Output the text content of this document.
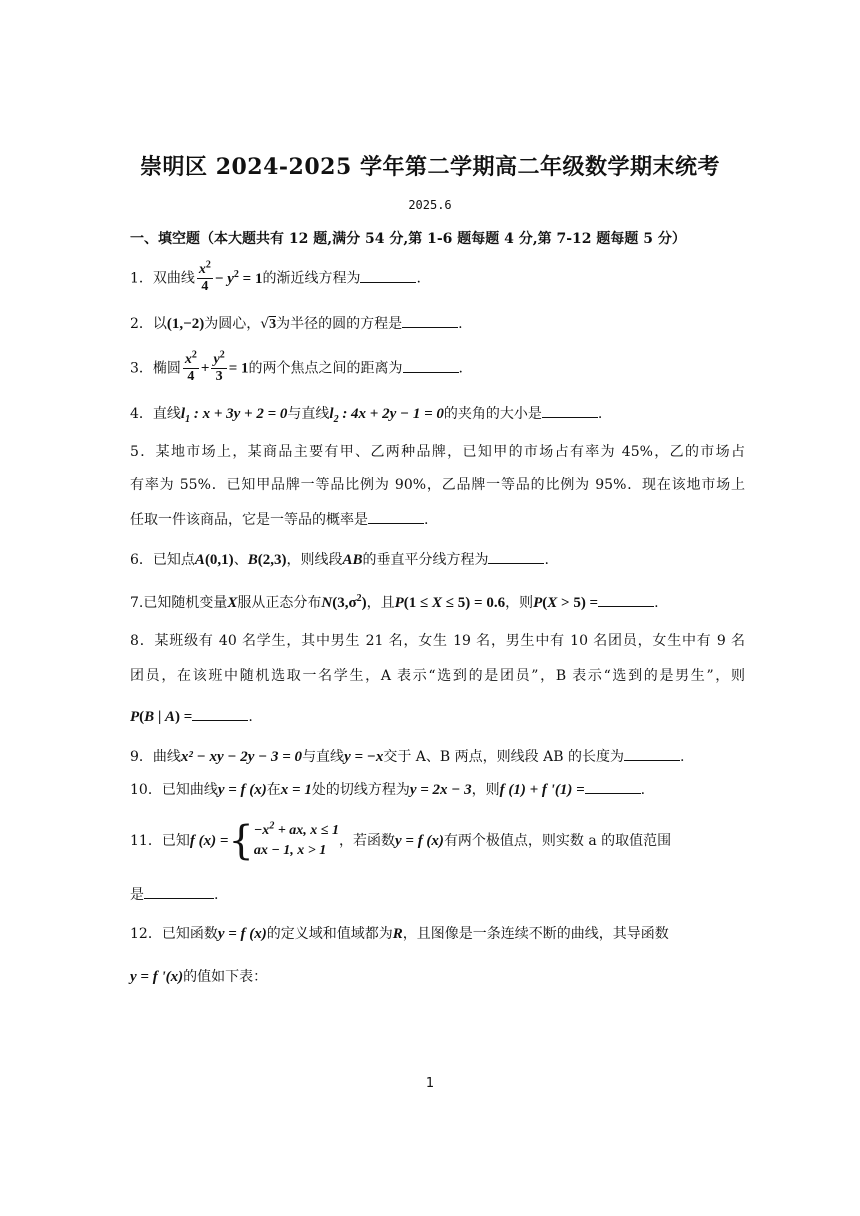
崇明区 2024-2025 学年第二学期高二年级数学期末统考
2025.6
一、填空题（本大题共有 12 题,满分 54 分,第 1-6 题每题 4 分,第 7-12 题每题 5 分）
1．双曲线 $\frac{x^2}{4} - y^2 = 1$的渐近线方程为	.
2．以(1,−2)为圆心，√3为半径的圆的方程是	.
3．椭圆 $\frac{x^2}{4} + \frac{y^2}{3} = 1$的两个焦点之间的距离为	.
4．直线$l_1$ : x + 3y + 2 = 0与直线$l_2$ : 4x + 2y − 1 = 0的夹角的大小是	.
5．某地市场上，某商品主要有甲、乙两种品牌，已知甲的市场占有率为 45%，乙的市场占
有率为 55%．已知甲品牌一等品比例为 90%，乙品牌一等品的比例为 95%．现在该地市场上
任取一件该商品，它是一等品的概率是	.
6．已知点A(0,1)、B(2,3)，则线段AB的垂直平分线方程为	.
7.已知随机变量X服从正态分布$N(3,\sigma^2)$，且P(1 ≤ X ≤ 5) = 0.6，则P(X > 5) =	.
8．某班级有 40 名学生，其中男生 21 名，女生 19 名，男生中有 10 名团员，女生中有 9 名
团员，在该班中随机选取一名学生，A 表示“选到的是团员”，B 表示“选到的是男生”，则
P(B | A) =	.
9．曲线x² − xy − 2y − 3 = 0与直线y = −x交于 A、B 两点，则线段 AB 的长度为	.
10．已知曲线y = f (x)在x = 1处的切线方程为y = 2x − 3，则f (1) + f '(1) =	.
11．已知f (x) ={ $-x^2$ + ax, x ≤ 1
ax − 1, x > 1
，若函数y = f (x)有两个极值点，则实数 a 的取值范围
是	.
12．已知函数y = f (x)的定义域和值域都为R，且图像是一条连续不断的曲线，其导函数
y = f '(x)的值如下表：
1
